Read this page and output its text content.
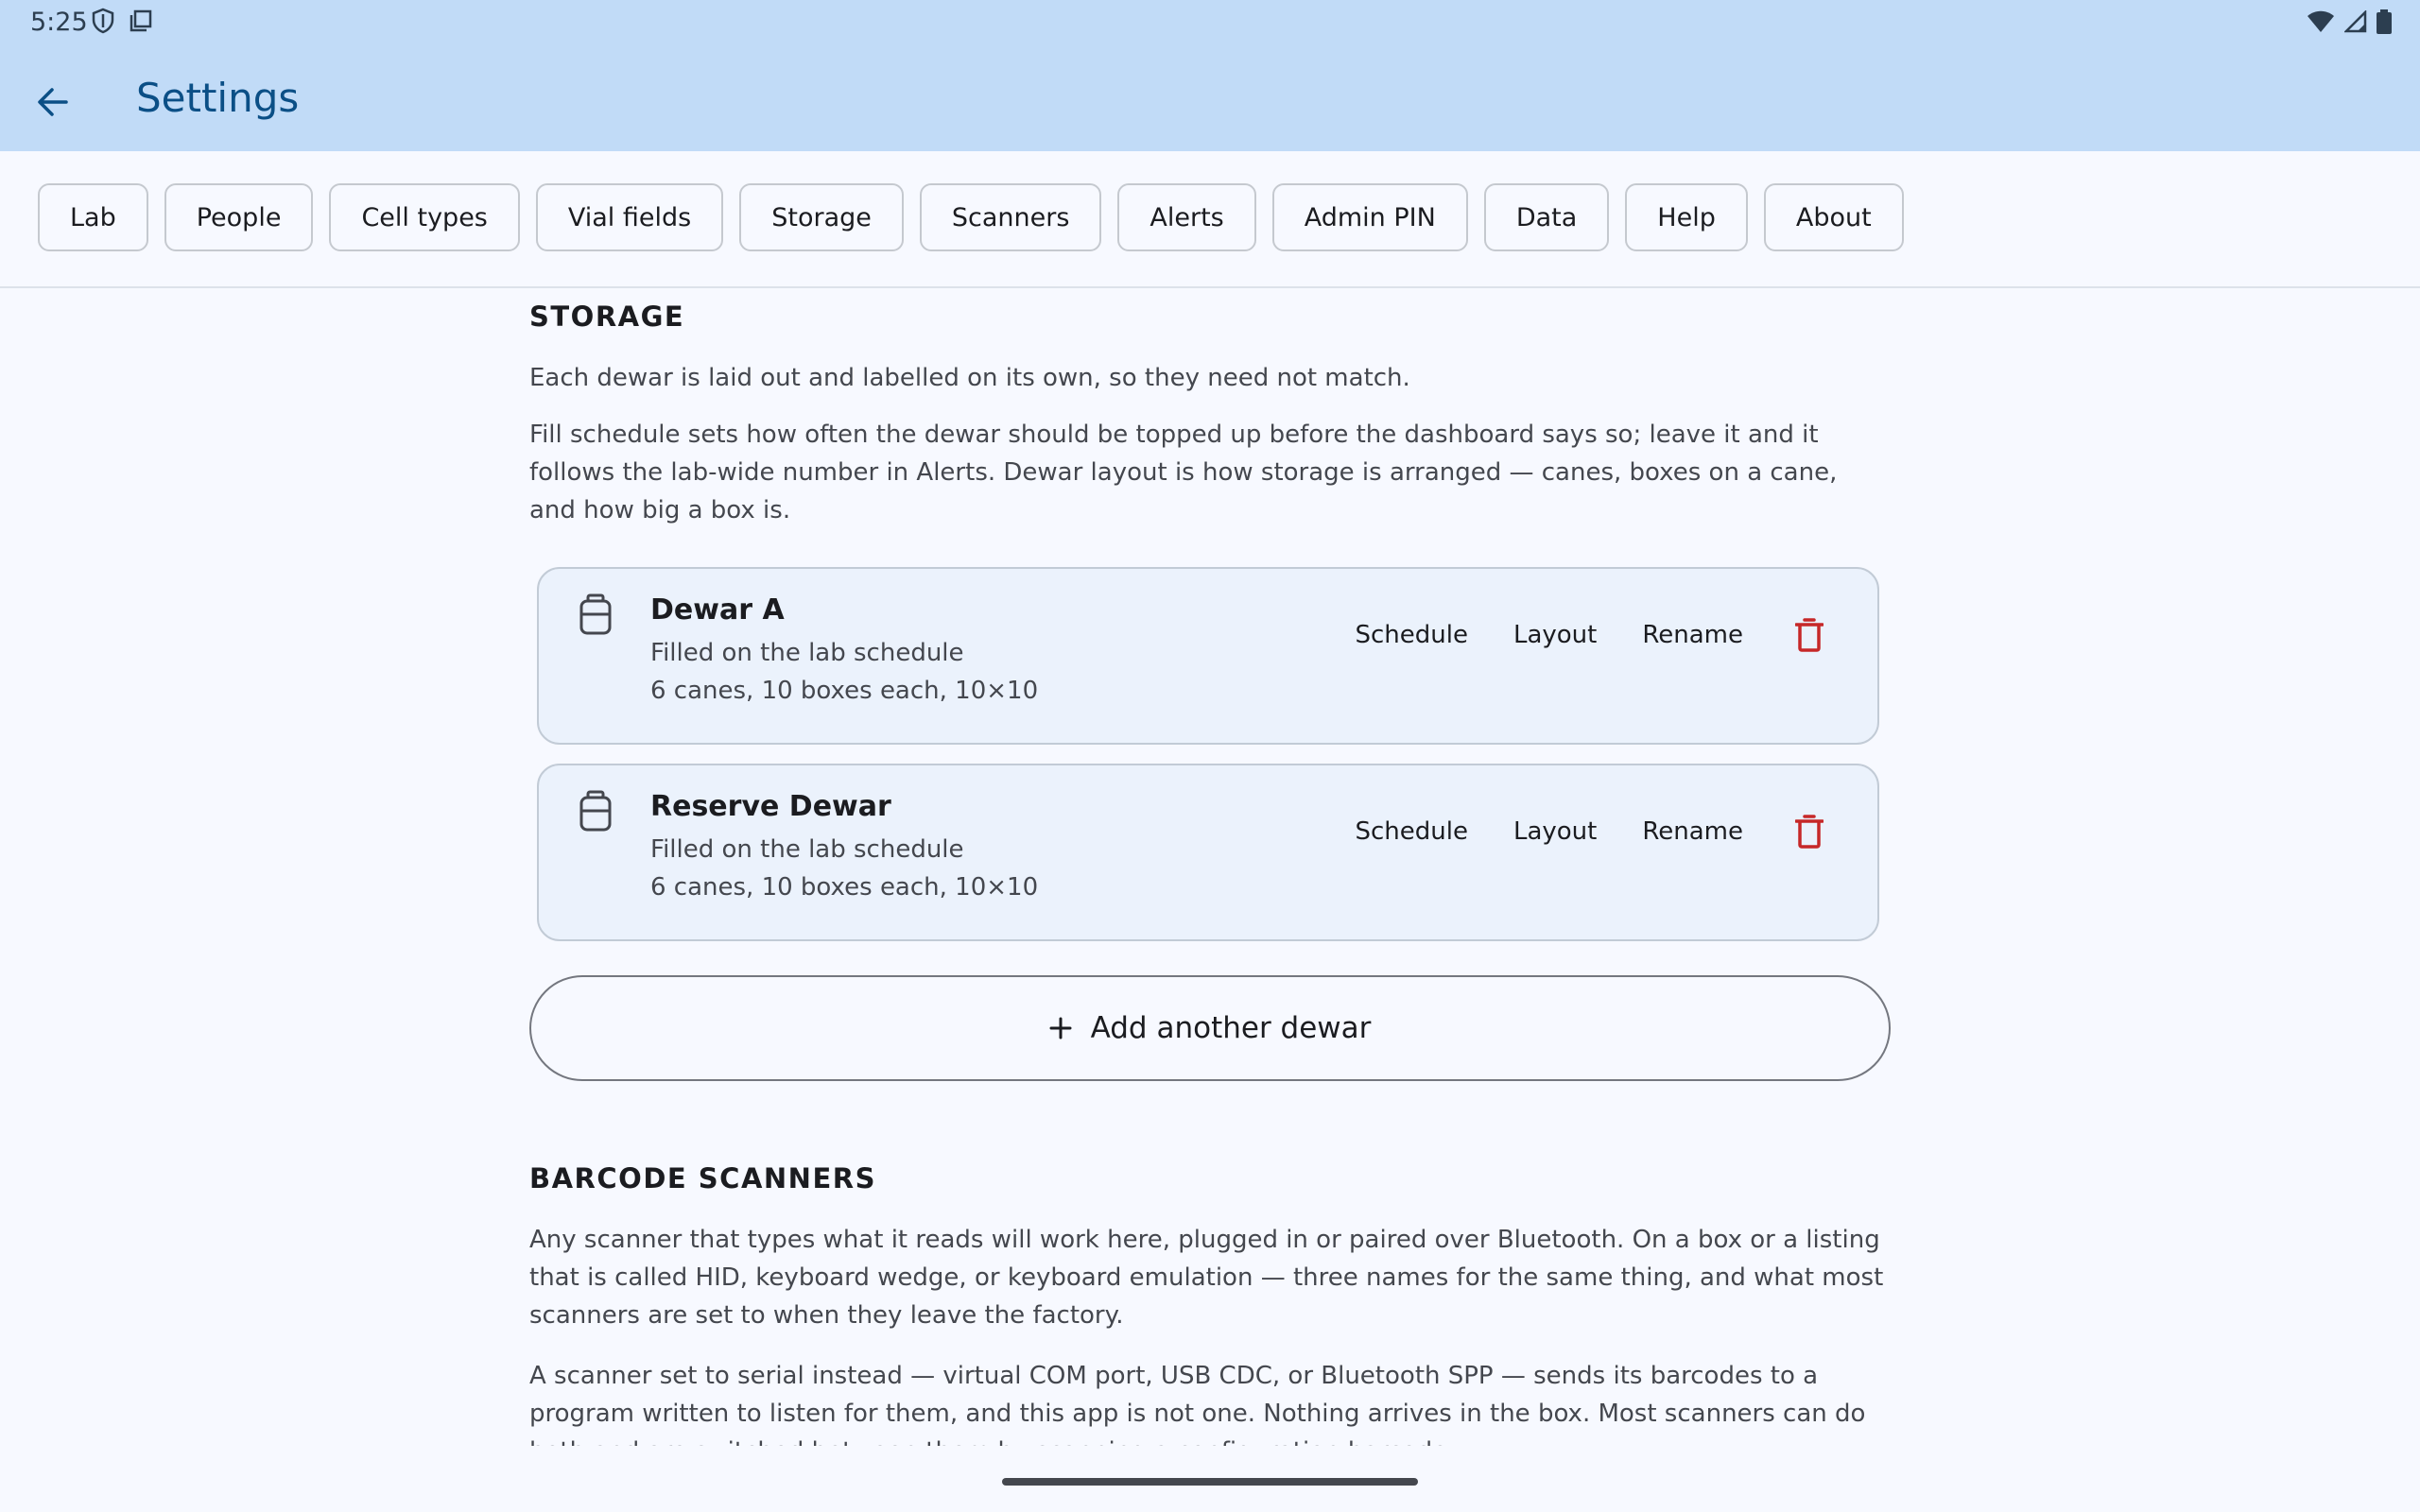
5:25
Settings
Lab	People	Cell types	Vial fields	Storage	Scanners	Alerts	Admin PIN	Data	Help	About
STORAGE

Each dewar is laid out and labelled on its own, so they need not match.

Fill schedule sets how often the dewar should be topped up before the dashboard says so; leave it and it follows the lab-wide number in Alerts. Dewar layout is how storage is arranged — canes, boxes on a cane, and how big a box is.

Dewar A
Filled on the lab schedule
6 canes, 10 boxes each, 10×10
Schedule	Layout	Rename
Reserve Dewar
Filled on the lab schedule
6 canes, 10 boxes each, 10×10
Schedule	Layout	Rename
Add another dewar
BARCODE SCANNERS

Any scanner that types what it reads will work here, plugged in or paired over Bluetooth. On a box or a listing that is called HID, keyboard wedge, or keyboard emulation — three names for the same thing, and what most scanners are set to when they leave the factory.

A scanner set to serial instead — virtual COM port, USB CDC, or Bluetooth SPP — sends its barcodes to a program written to listen for them, and this app is not one. Nothing arrives in the box. Most scanners can do
